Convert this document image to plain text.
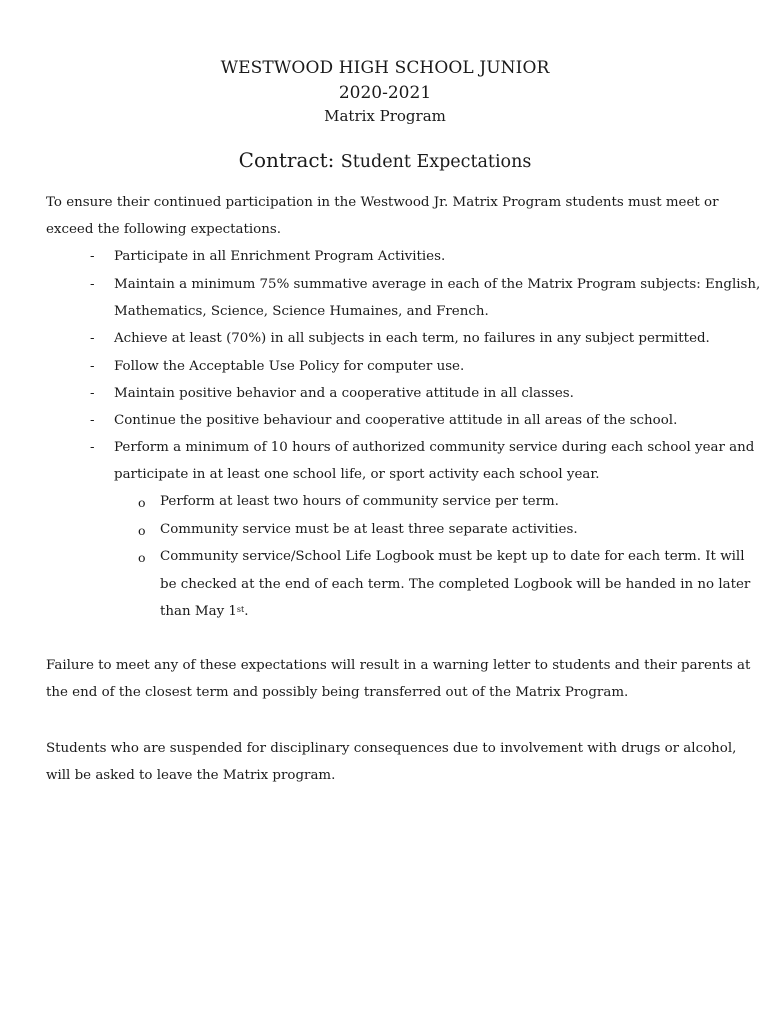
WESTWOOD HIGH SCHOOL JUNIOR
2020-2021
Matrix Program
Contract: Student Expectations
To ensure their continued participation in the Westwood Jr. Matrix Program students must meet or
exceed the following expectations.
- Participate in all Enrichment Program Activities.
- Maintain a minimum 75% summative average in each of the Matrix Program subjects: English,
Mathematics, Science, Science Humaines, and French.
- Achieve at least (70%) in all subjects in each term, no failures in any subject permitted.
- Follow the Acceptable Use Policy for computer use.
- Maintain positive behavior and a cooperative attitude in all classes.
- Continue the positive behaviour and cooperative attitude in all areas of the school.
- Perform a minimum of 10 hours of authorized community service during each school year and
participate in at least one school life, or sport activity each school year.
o Perform at least two hours of community service per term.
o Community service must be at least three separate activities.
o Community service/School Life Logbook must be kept up to date for each term. It will
be checked at the end of each term. The completed Logbook will be handed in no later
than May 1st.
Failure to meet any of these expectations will result in a warning letter to students and their parents at
the end of the closest term and possibly being transferred out of the Matrix Program.
Students who are suspended for disciplinary consequences due to involvement with drugs or alcohol,
will be asked to leave the Matrix program.
